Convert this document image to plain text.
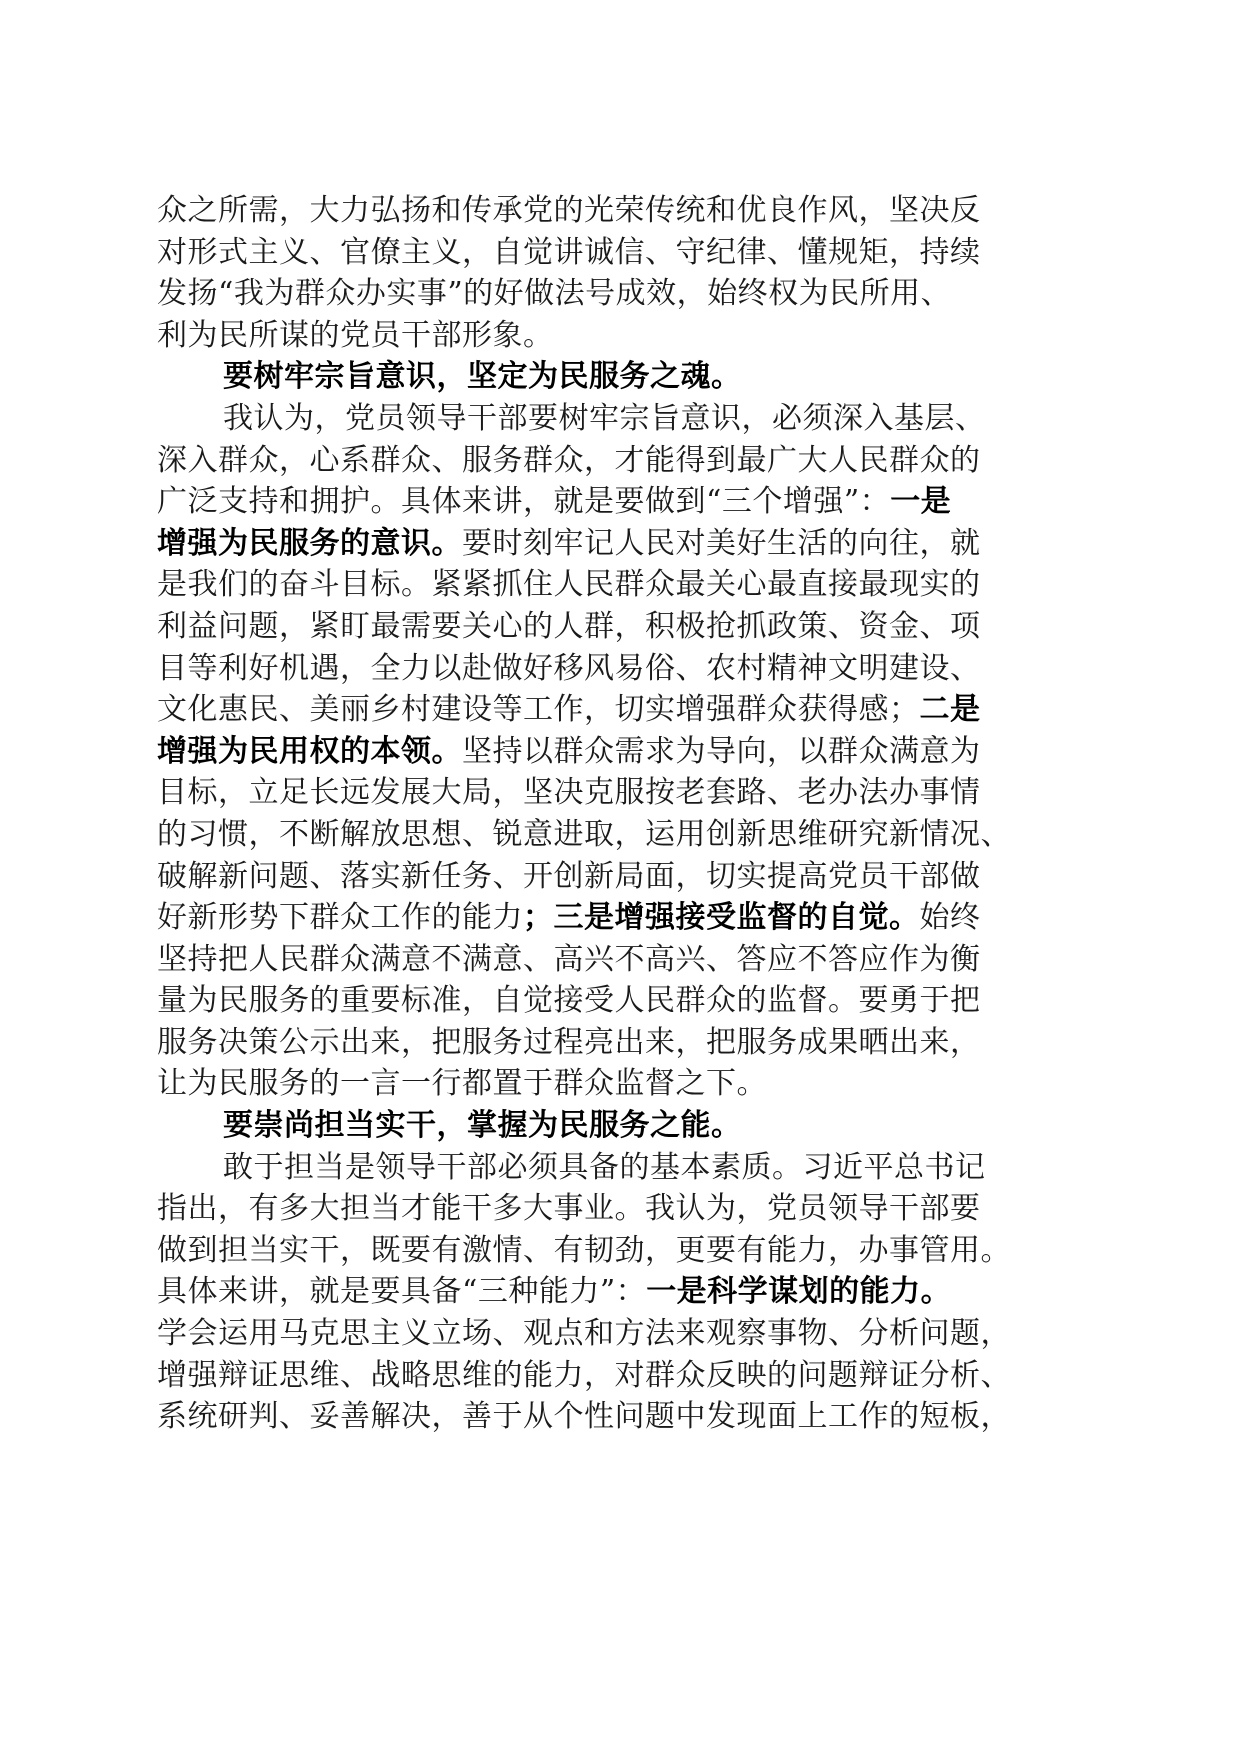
众之所需，大力弘扬和传承党的光荣传统和优良作风，坚决反
对形式主义、官僚主义，自觉讲诚信、守纪律、懂规矩，持续
发扬“我为群众办实事”的好做法号成效，始终权为民所用、
利为民所谋的党员干部形象。
要树牢宗旨意识，坚定为民服务之魂。
我认为，党员领导干部要树牢宗旨意识，必须深入基层、
深入群众，心系群众、服务群众，才能得到最广大人民群众的
广泛支持和拥护。具体来讲，就是要做到“三个增强”：一是
增强为民服务的意识。要时刻牢记人民对美好生活的向往，就
是我们的奋斗目标。紧紧抓住人民群众最关心最直接最现实的
利益问题，紧盯最需要关心的人群，积极抢抓政策、资金、项
目等利好机遇，全力以赴做好移风易俗、农村精神文明建设、
文化惠民、美丽乡村建设等工作，切实增强群众获得感；二是
增强为民用权的本领。坚持以群众需求为导向，以群众满意为
目标，立足长远发展大局，坚决克服按老套路、老办法办事情
的习惯，不断解放思想、锐意进取，运用创新思维研究新情况、
破解新问题、落实新任务、开创新局面，切实提高党员干部做
好新形势下群众工作的能力；三是增强接受监督的自觉。始终
坚持把人民群众满意不满意、高兴不高兴、答应不答应作为衡
量为民服务的重要标准，自觉接受人民群众的监督。要勇于把
服务决策公示出来，把服务过程亮出来，把服务成果晒出来，
让为民服务的一言一行都置于群众监督之下。
要崇尚担当实干，掌握为民服务之能。
敢于担当是领导干部必须具备的基本素质。习近平总书记
指出，有多大担当才能干多大事业。我认为，党员领导干部要
做到担当实干，既要有激情、有韧劲，更要有能力，办事管用。
具体来讲，就是要具备“三种能力”：一是科学谋划的能力。
学会运用马克思主义立场、观点和方法来观察事物、分析问题，
增强辩证思维、战略思维的能力，对群众反映的问题辩证分析、
系统研判、妥善解决，善于从个性问题中发现面上工作的短板，
